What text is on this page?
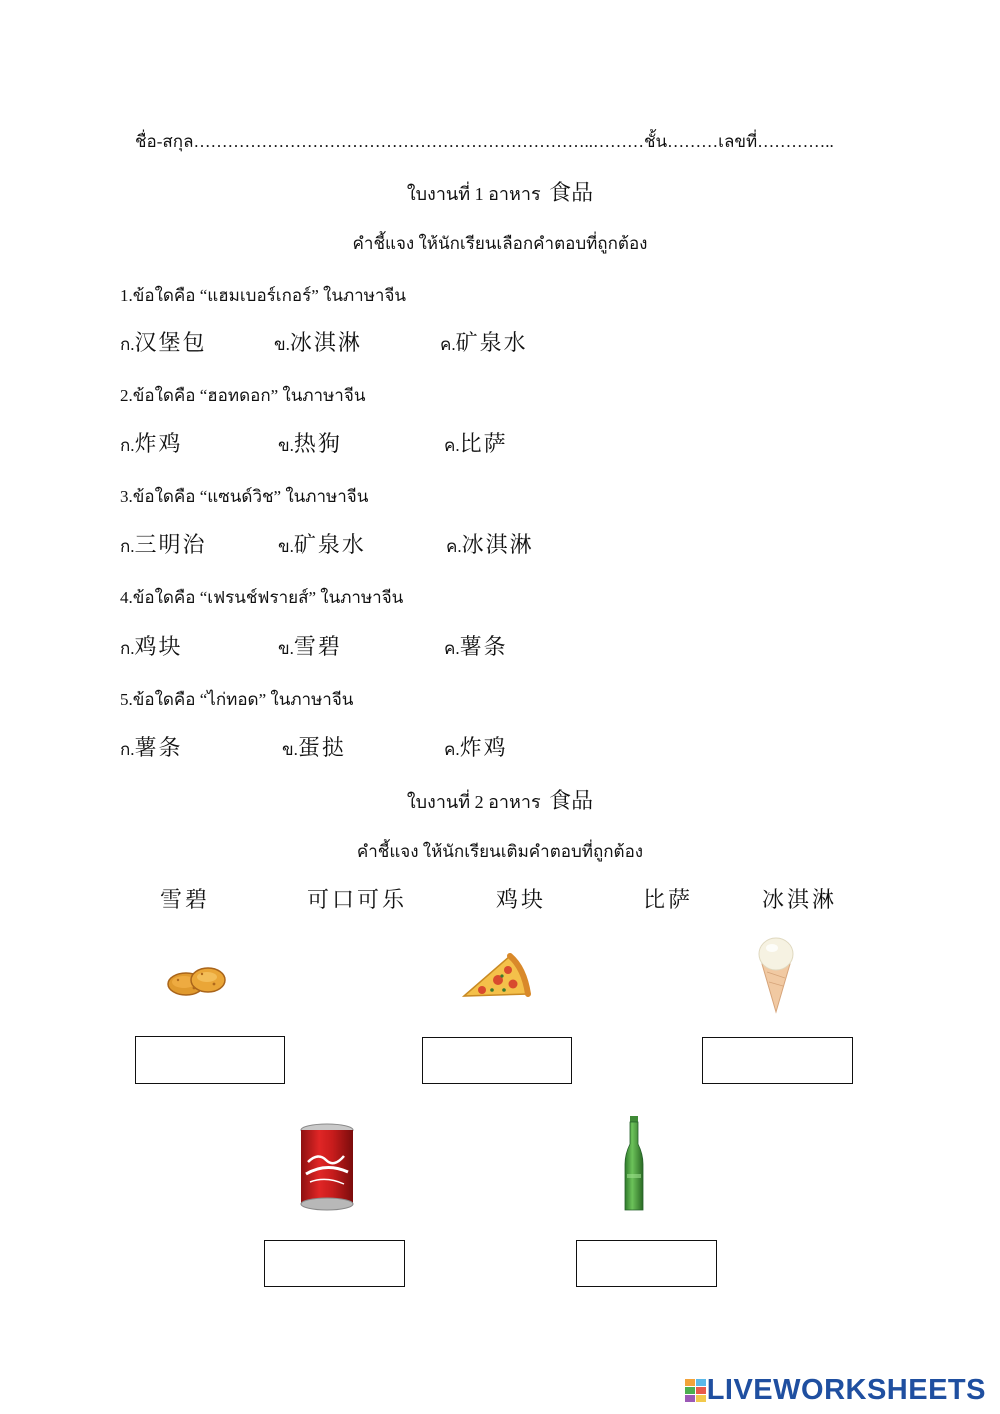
ชื่อ-สกุล……………………………………………………………..………ชั้น………เลขที่…………..
ใบงานที่ 1 อาหาร 食品
คำชี้แจง ให้นักเรียนเลือกคำตอบที่ถูกต้อง
1.ข้อใดคือ “แฮมเบอร์เกอร์” ในภาษาจีน
ก.汉堡包	ข.冰淇淋	ค.矿泉水
2.ข้อใดคือ “ฮอทดอก” ในภาษาจีน
ก.炸鸡	ข.热狗	ค.比萨
3.ข้อใดคือ “แซนด์วิช” ในภาษาจีน
ก.三明治	ข.矿泉水	ค.冰淇淋
4.ข้อใดคือ “เฟรนช์ฟรายส์” ในภาษาจีน
ก.鸡块	ข.雪碧	ค.薯条
5.ข้อใดคือ “ไก่ทอด” ในภาษาจีน
ก.薯条	ข.蛋挞	ค.炸鸡
ใบงานที่ 2 อาหาร 食品
คำชี้แจง ให้นักเรียนเติมคำตอบที่ถูกต้อง
雪碧	可口可乐	鸡块	比萨	冰淇淋
LIVEWORKSHEETS
